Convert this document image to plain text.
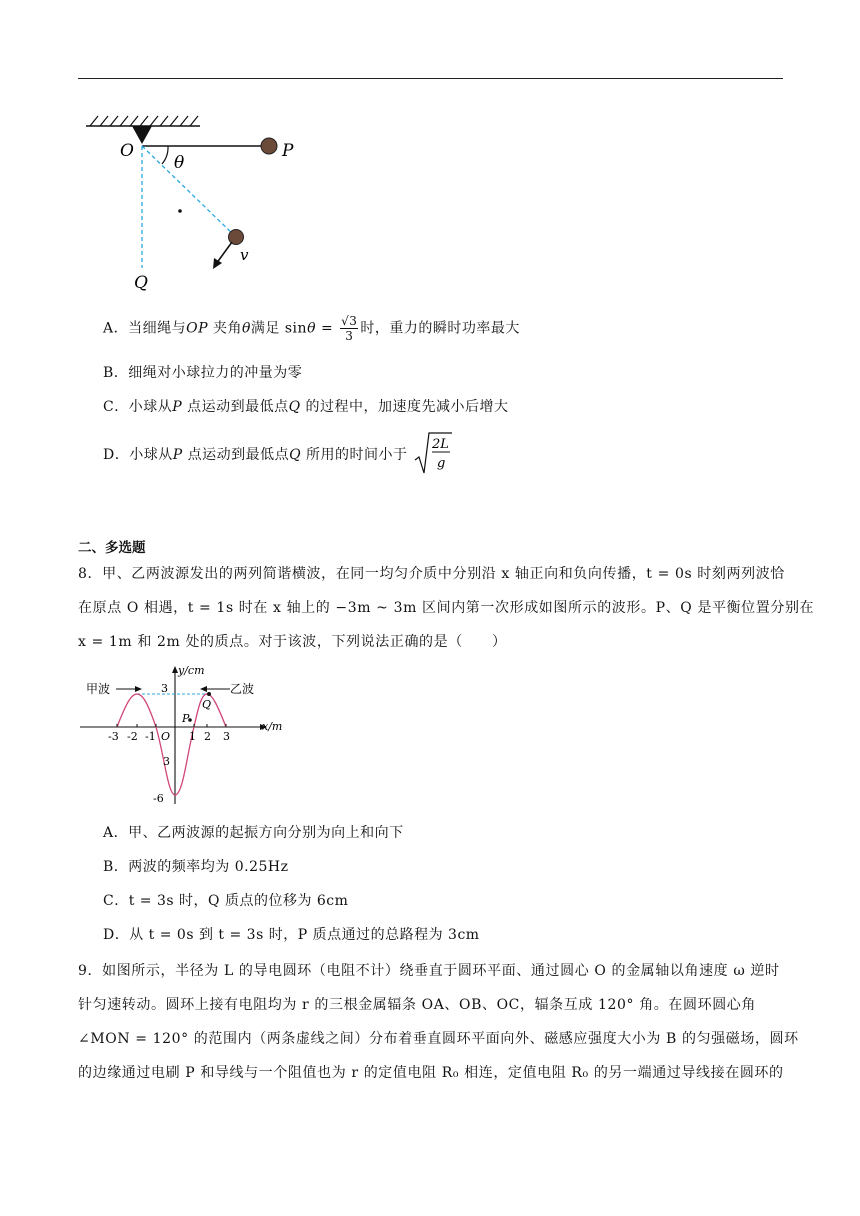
O	P
θ
v
Q
A．当细绳与OP 夹角θ满足 $\sin\theta = \frac{√3}{3}$ 时，重力的瞬时功率最大
B．细绳对小球拉力的冲量为零
C．小球从P 点运动到最低点Q 的过程中，加速度先减小后增大
D．小球从P 点运动到最低点Q 所用的时间小于
2L
g
二、多选题
8．甲、乙两波源发出的两列简谐横波，在同一均匀介质中分别沿 x 轴正向和负向传播，t = 0s 时刻两列波恰
在原点 O 相遇，t = 1s 时在 x 轴上的 −3m ~ 3m 区间内第一次形成如图所示的波形。P、Q 是平衡位置分别在
x = 1m 和 2m 处的质点。对于该波，下列说法正确的是（　　）
y/cm
x/m
甲波	乙波
3
3
-6
-3 -2 -1 O 1 2 3
P
Q
A．甲、乙两波源的起振方向分别为向上和向下
B．两波的频率均为 0.25Hz
C．t = 3s 时，Q 质点的位移为 6cm
D．从 t = 0s 到 t = 3s 时，P 质点通过的总路程为 3cm
9．如图所示，半径为 L 的导电圆环（电阻不计）绕垂直于圆环平面、通过圆心 O 的金属轴以角速度 ω 逆时
针匀速转动。圆环上接有电阻均为 r 的三根金属辐条 OA、OB、OC，辐条互成 120° 角。在圆环圆心角
∠MON = 120° 的范围内（两条虚线之间）分布着垂直圆环平面向外、磁感应强度大小为 B 的匀强磁场，圆环
的边缘通过电刷 P 和导线与一个阻值也为 r 的定值电阻 R₀ 相连，定值电阻 R₀ 的另一端通过导线接在圆环的
